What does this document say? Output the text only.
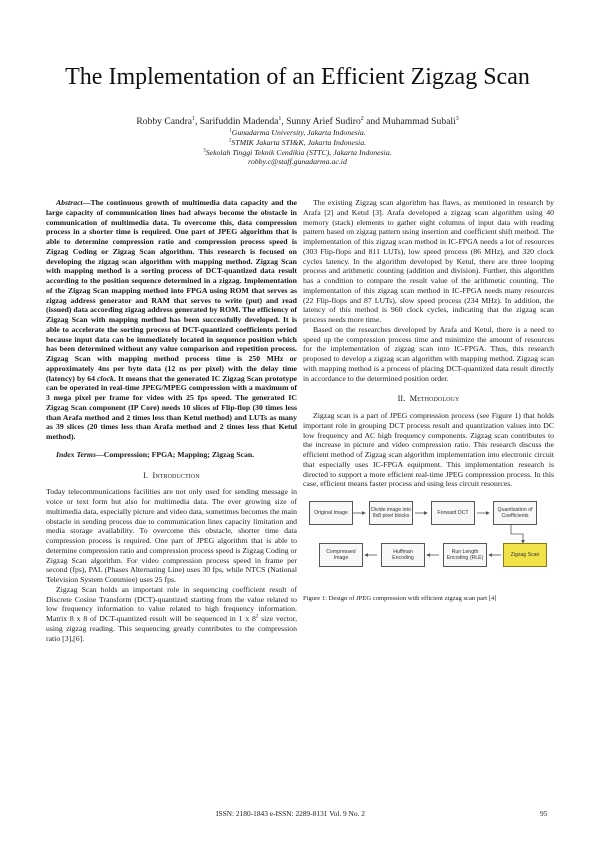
The Implementation of an Efficient Zigzag Scan
Robby Candra$^1$, Sarifuddin Madenda$^1$, Sunny Arief Sudiro$^2$ and Muhammad Subali$^3$
$^1$Gunadarma University, Jakarta Indonesia.
$^2$STMIK Jakarta STI&K, Jakarta Indonesia.
$^3$Sekolah Tinggi Teknik Cendikia (STTC), Jakarta Indonesia.
robby.c@staff.gunadarma.ac.id

Abstract—The continuous growth of multimedia data capacity and the large capacity of communication lines had always become the obstacle in communication of multimedia data. To overcome this, data compression process in a shorter time is required. One part of JPEG algorithm that is able to determine compression ratio and compression process speed is Zigzag Coding or Zigzag Scan algorithm. This research is focused on developing the zigzag scan algorithm with mapping method. Zigzag Scan with mapping method is a sorting process of DCT-quantized data result according to the position sequence determined in a zigzag. Implementation of the Zigzag Scan mapping method into FPGA using ROM that serves as zigzag address generator and RAM that serves to write (put) and read (issued) data according zigzag address generated by ROM. The efficiency of Zigzag Scan with mapping method has been successfully developed. It is able to accelerate the sorting process of DCT-quantized coefficients period because input data can be immediately located in sequence position which has been determined without any value comparison and repetition process. Zigzag Scan with mapping method process time is 250 MHz or approximately 4ns per byte data (12 ns per pixel) with the delay time (latency) by 64 clock. It means that the generated IC Zigzag Scan prototype can be operated in real-time JPEG/MPEG compression with a maximum of 3 mega pixel per frame for video with 25 fps speed. The generated IC Zigzag Scan component (IP Core) needs 10 slices of Flip-flop (30 times less than Arafa method and 2 times less than Ketul method) and LUTs as many as 39 slices (20 times less than Arafa method and 2 times less that Ketul method).

Index Terms—Compression; FPGA; Mapping; Zigzag Scan.

I. Introduction

Today telecommunications facilities are not only used for sending message in voice or text form but also for multimedia data. The ever growing size of multimedia data, especially picture and video data, sometimes becomes the main obstacle in sending process due to communication lines capacity limitation and media storage availability. To overcome this obstacle, shorter time data compression process is required. One part of JPEG algorithm that is able to determine compression ratio and compression process speed is Zigzag Coding or Zigzag Scan algorithm. For video compression process speed in frame per second (fps), PAL (Phases Alternating Line) uses 30 fps, while NTCS (National Television System Commiee) uses 25 fps.

Zigzag Scan holds an important role in sequencing coefficient result of Discrete Cosine Transform (DCT)-quantized starting from the value related to low frequency information to value related to high frequency information. Matrix 8 x 8 of DCT-quantized result will be sequenced in 1 x $8^2$ size vector, using zigzag reading. This sequencing greatly contributes to the compression ratio [3],[6].

The existing Zigzag scan algorithm has flaws, as mentioned in research by Arafa [2] and Ketul [3]. Arafa developed a zigzag scan algorithm using 40 memory (stack) elements to gather eight columns of input data with reading pattern based on zigzag pattern using insertion and coefficient shift method. The implementation of this zigzag scan method in IC-FPGA needs a lot of resources (303 Flip-flops and 811 LUTs), low speed process (86 MHz), and 320 clock cycles latency. In the algorithm developed by Ketul, there are three looping process and arithmetic counting (addition and division). Further, this algorithm has a condition to compare the result value of the arithmetic counting. The implementation of this zigzag scan method in IC-FPGA needs many resources (22 Flip-flops and 87 LUTs), slow speed process (234 MHz). In addition, the latency of this method is 960 clock cycles, indicating that the zigzag scan process needs more time.

Based on the researches developed by Arafa and Ketul, there is a need to speed up the compression process time and minimize the amount of resources for the implementation of zigzag scan into IC-FPGA. Thus, this research proposed to develop a zigzag scan algorithm with mapping method. Zigzag scan with mapping method is a process of placing DCT-quantized data result directly in accordance to the determined position order.

II. Methodology

Zigzag scan is a part of JPEG compression process (see Figure 1) that holds important role in grouping DCT process result and quantization values into DC low frequency and AC high frequency components. Zigzag scan contributes to the increase in picture and video compression ratio. This research discuss the efficient method of Zigzag scan algorithm implementation into electronic circuit that especially uses IC-FPGA equipment. This implementation research is directed to support a more efficient real-time JPEG compression process. In this case, efficient means faster process and using less circuit resources.

Original Image
Divide image into 8x8 pixel blocks
Forward DCT
Quantization of Coefficients
Compressed Image
Huffman Encoding
Run Length Encoding (RLE)
Zigzag Scan

Figure 1: Design of JPEG compression with efficient zigzag scan part [4]

ISSN: 2180-1843 e-ISSN: 2289-8131 Vol. 9 No. 2	95
